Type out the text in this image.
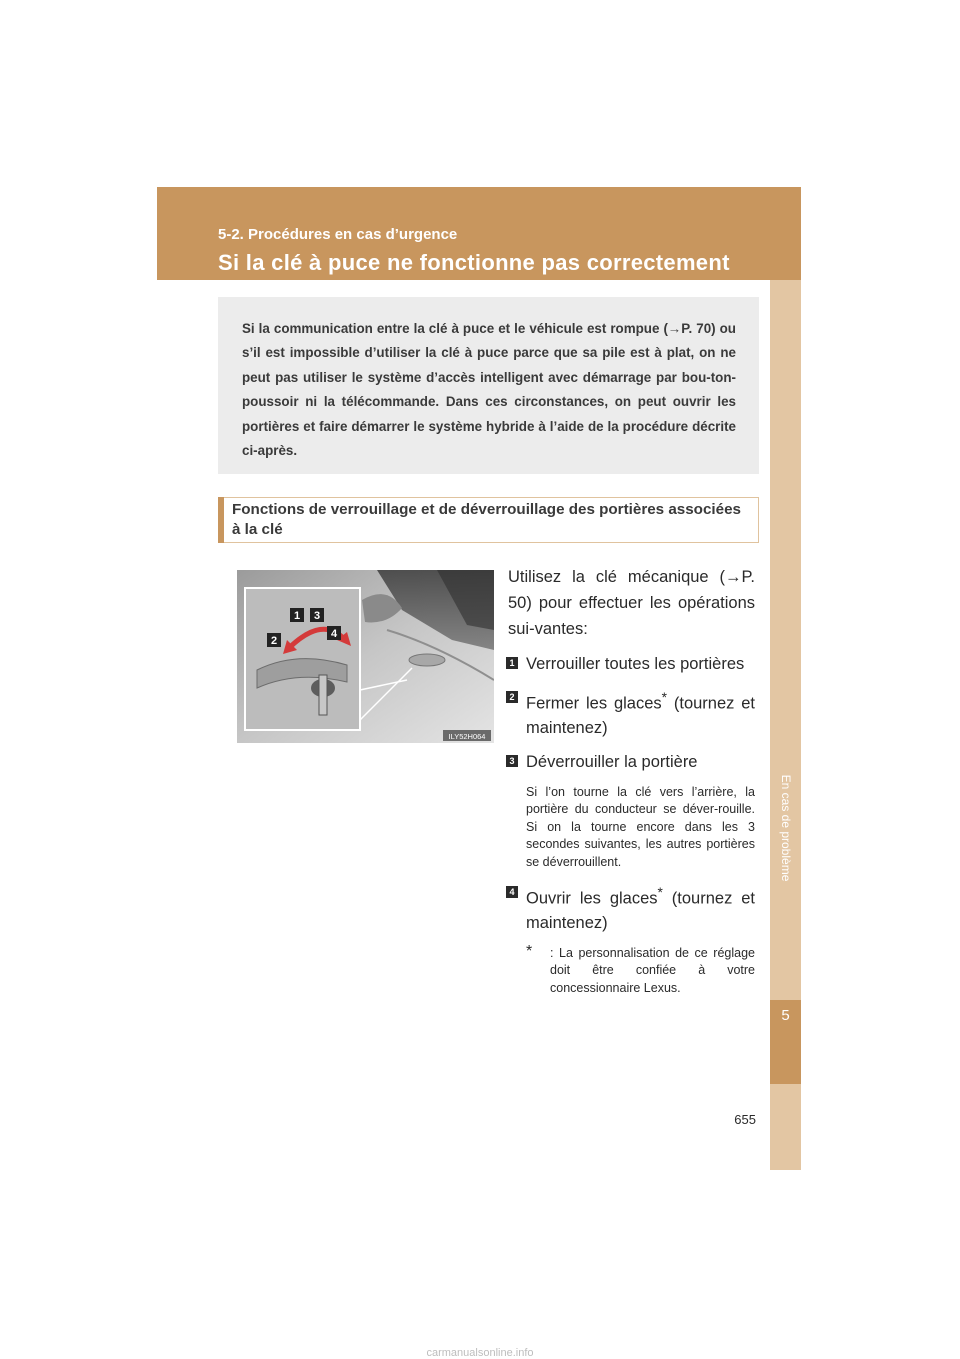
5-2. Procédures en cas d’urgence
Si la clé à puce ne fonctionne pas correctement
5
En cas de problème

Si la communication entre la clé à puce et le véhicule est rompue (→P. 70) ou s’il est impossible d’utiliser la clé à puce parce que sa pile est à plat, on ne peut pas utiliser le système d’accès intelligent avec démarrage par bou-ton-poussoir ni la télécommande. Dans ces circonstances, on peut ouvrir les portières et faire démarrer le système hybride à l’aide de la procédure décrite ci-après.

Fonctions de verrouillage et de déverrouillage des portières associées à la clé
1 3
2
4
ILY52H064

Utilisez la clé mécanique (→P. 50) pour effectuer les opérations sui-vantes:

1 Verrouiller toutes les portières
2 Fermer les glaces* (tournez et maintenez)
3 Déverrouiller la portière
Si l’on tourne la clé vers l’arrière, la portière du conducteur se déver-rouille. Si on la tourne encore dans les 3 secondes suivantes, les autres portières se déverrouillent.
4 Ouvrir les glaces* (tournez et maintenez)
*	: La personnalisation de ce réglage doit être confiée à votre concessionnaire Lexus.
655
carmanualsonline.info
